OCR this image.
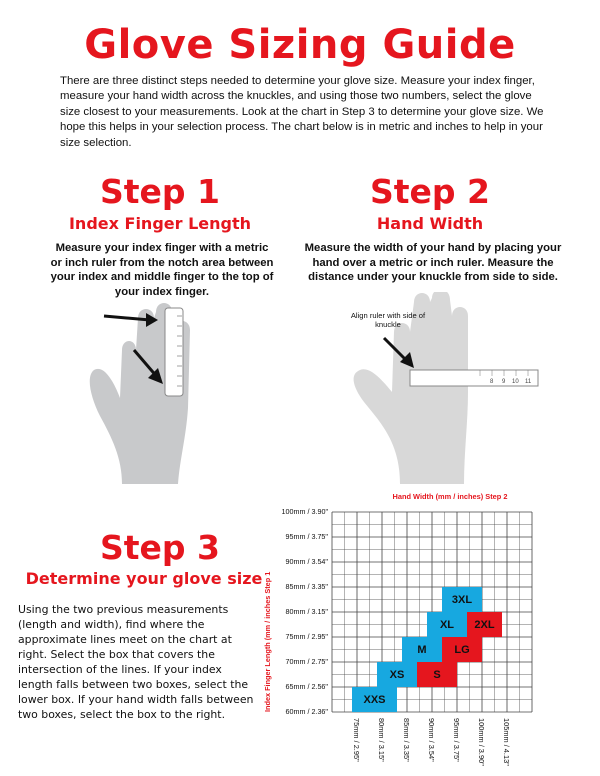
Glove Sizing Guide
There are three distinct steps needed to determine your glove size. Measure your index finger, measure your hand width across the knuckles, and using those two numbers, select the glove size closest to your measurements. Look at the chart in Step 3 to determine your glove size. We hope this helps in your selection process. The chart below is in metric and inches to help in your size selection.
Step 1
Index Finger Length
Measure your index finger with a metric or inch ruler from the notch area between your index and middle finger to the top of your index finger.
Step 2
Hand Width
Measure the width of your hand by placing your hand over a metric or inch ruler. Measure the distance under your knuckle from side to side.
8 9 10 11
Align ruler with side of knuckle
Step 3
Determine your glove size
Using the two previous measurements (length and width), find where the approximate lines meet on the chart at right. Select the box that covers the intersection of the lines. If your index length falls between two boxes, select the lower box. If your hand width falls between two boxes, select the box to the right.
Hand Width (mm / inches) Step 2
Index Finger Length (mm / inches Step 1	XXS
XS	S
M	LG
XL	2XL
3XL
60mm / 2.36"
65mm / 2.56"
70mm / 2.75"
75mm / 2.95"
80mm / 3.15"
85mm / 3.35"
90mm / 3.54"
95mm / 3.75"
100mm / 3.90"
75mm / 2.95" 80mm / 3.15" 85mm / 3.35" 90mm / 3.54" 95mm / 3.75" 100mm / 3.90" 105mm / 4.13"
